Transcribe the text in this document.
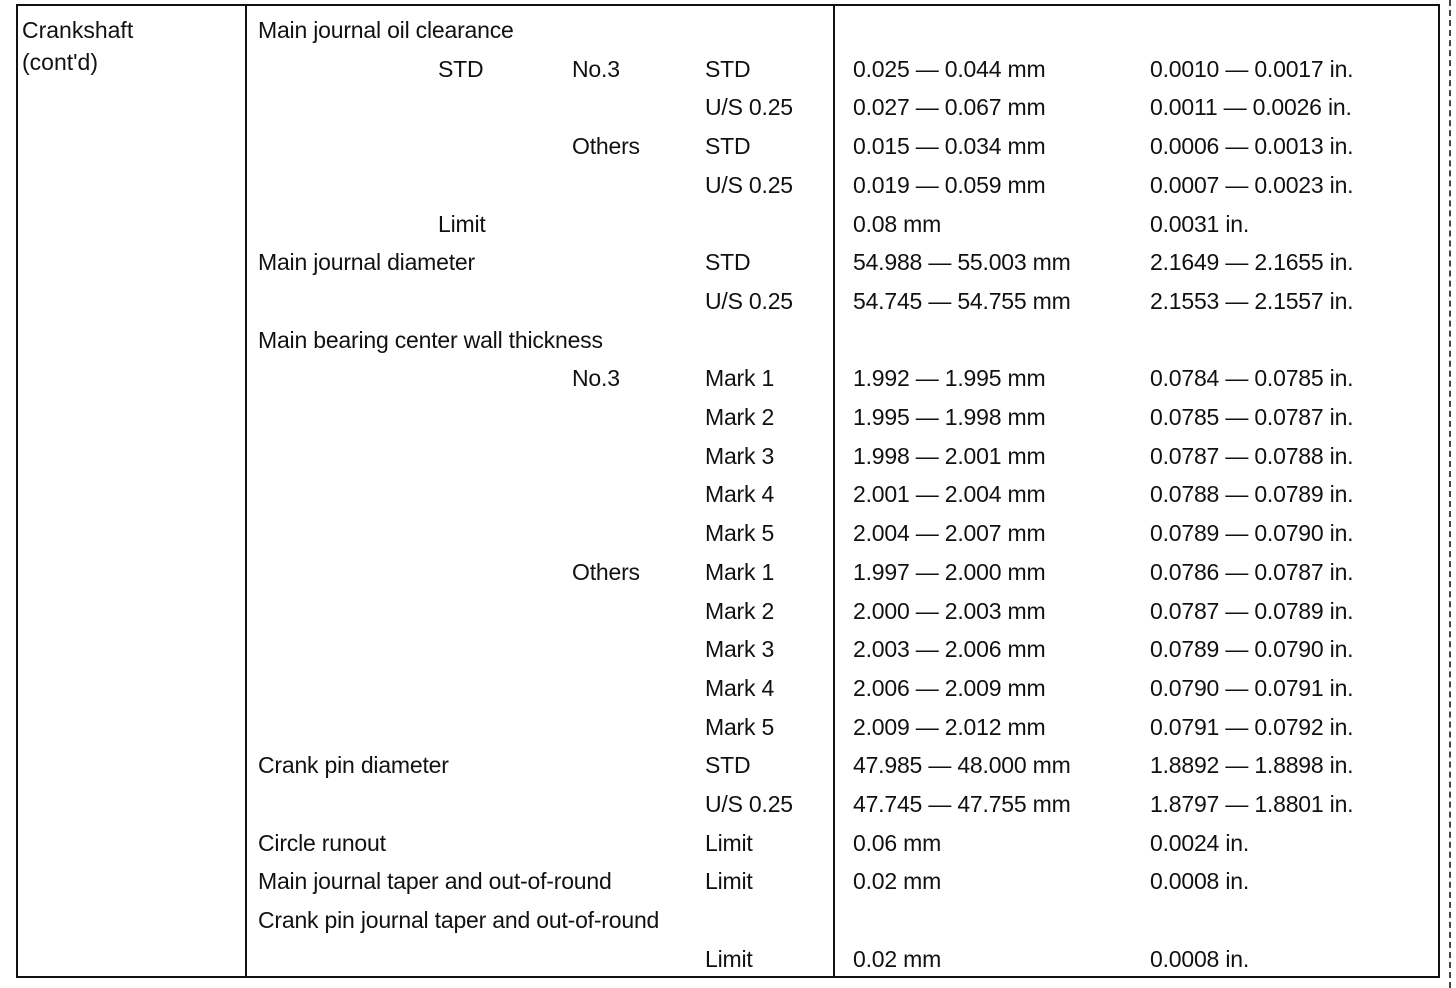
Crankshaft
(cont'd)
Main journal oil clearance
STD	No.3	STD	0.025 — 0.044 mm	0.0010 — 0.0017 in.
U/S 0.25	0.027 — 0.067 mm	0.0011 — 0.0026 in.
Others	STD	0.015 — 0.034 mm	0.0006 — 0.0013 in.
U/S 0.25	0.019 — 0.059 mm	0.0007 — 0.0023 in.
Limit	0.08 mm	0.0031 in.
Main journal diameter	STD	54.988 — 55.003 mm	2.1649 — 2.1655 in.
U/S 0.25	54.745 — 54.755 mm	2.1553 — 2.1557 in.
Main bearing center wall thickness
No.3	Mark 1	1.992 — 1.995 mm	0.0784 — 0.0785 in.
Mark 2	1.995 — 1.998 mm	0.0785 — 0.0787 in.
Mark 3	1.998 — 2.001 mm	0.0787 — 0.0788 in.
Mark 4	2.001 — 2.004 mm	0.0788 — 0.0789 in.
Mark 5	2.004 — 2.007 mm	0.0789 — 0.0790 in.
Others	Mark 1	1.997 — 2.000 mm	0.0786 — 0.0787 in.
Mark 2	2.000 — 2.003 mm	0.0787 — 0.0789 in.
Mark 3	2.003 — 2.006 mm	0.0789 — 0.0790 in.
Mark 4	2.006 — 2.009 mm	0.0790 — 0.0791 in.
Mark 5	2.009 — 2.012 mm	0.0791 — 0.0792 in.
Crank pin diameter	STD	47.985 — 48.000 mm	1.8892 — 1.8898 in.
U/S 0.25	47.745 — 47.755 mm	1.8797 — 1.8801 in.
Circle runout	Limit	0.06 mm	0.0024 in.
Main journal taper and out-of-round	Limit	0.02 mm	0.0008 in.
Crank pin journal taper and out-of-round
Limit	0.02 mm	0.0008 in.
